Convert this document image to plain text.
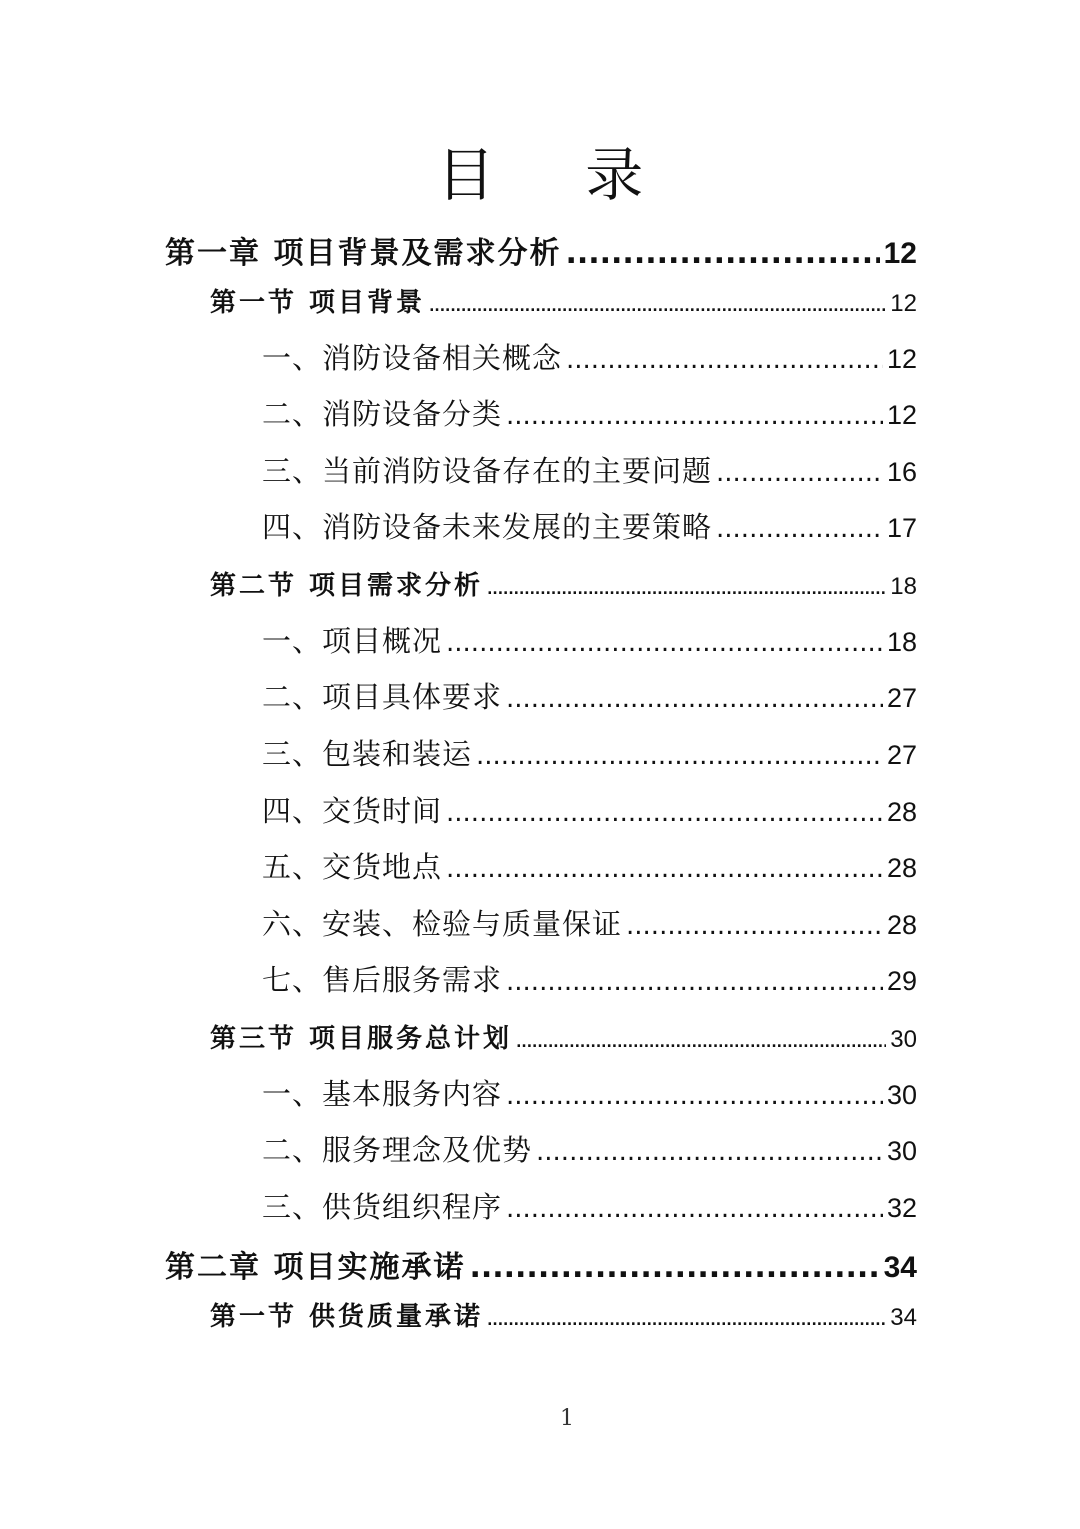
目 录
第一章 项目背景及需求分析 .....	12
第一节 项目背景 .....	12
一、消防设备相关概念 .....	12
二、消防设备分类 .....	12
三、当前消防设备存在的主要问题 .....	16
四、消防设备未来发展的主要策略 .....	17
第二节 项目需求分析 .....	18
一、项目概况 .....	18
二、项目具体要求 .....	27
三、包装和装运 .....	27
四、交货时间 .....	28
五、交货地点 .....	28
六、安装、检验与质量保证 .....	28
七、售后服务需求 .....	29
第三节 项目服务总计划 .....	30
一、基本服务内容 .....	30
二、服务理念及优势 .....	30
三、供货组织程序 .....	32
第二章 项目实施承诺 .....	34
第一节 供货质量承诺 .....	34
1
